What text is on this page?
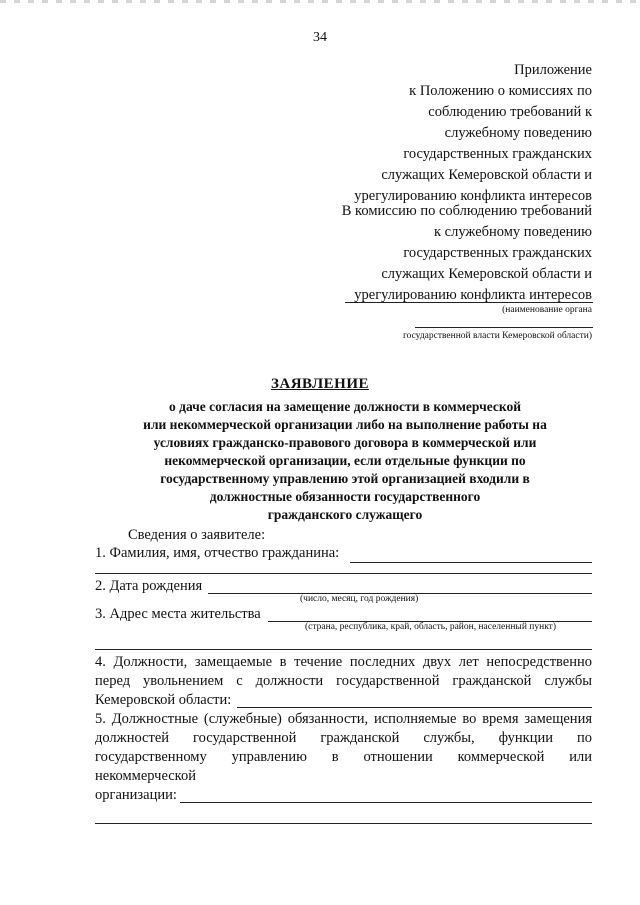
34
Приложение
к Положению о комиссиях по
соблюдению требований к
служебному поведению
государственных гражданских
служащих Кемеровской области и
урегулированию конфликта интересов
В комиссию по соблюдению требований
к служебному поведению
государственных гражданских
служащих Кемеровской области и
урегулированию конфликта интересов
(наименование органа
государственной власти Кемеровской области)
ЗАЯВЛЕНИЕ
о даче согласия на замещение должности в коммерческой
или некоммерческой организации либо на выполнение работы на
условиях гражданско-правового договора в коммерческой или
некоммерческой организации, если отдельные функции по
государственному управлению этой организацией входили в
должностные обязанности государственного
гражданского служащего
Сведения о заявителе:
1. Фамилия, имя, отчество гражданина:
2. Дата рождения
(число, месяц, год рождения)
3. Адрес места жительства
(страна, республика, край, область, район, населенный пункт)
4. Должности, замещаемые в течение последних двух лет непосредственно
перед увольнением с должности государственной гражданской службы
Кемеровской области:
5. Должностные (служебные) обязанности, исполняемые во время замещения
должностей государственной гражданской службы, функции по
государственному управлению в отношении коммерческой или
некоммерческой
организации:
